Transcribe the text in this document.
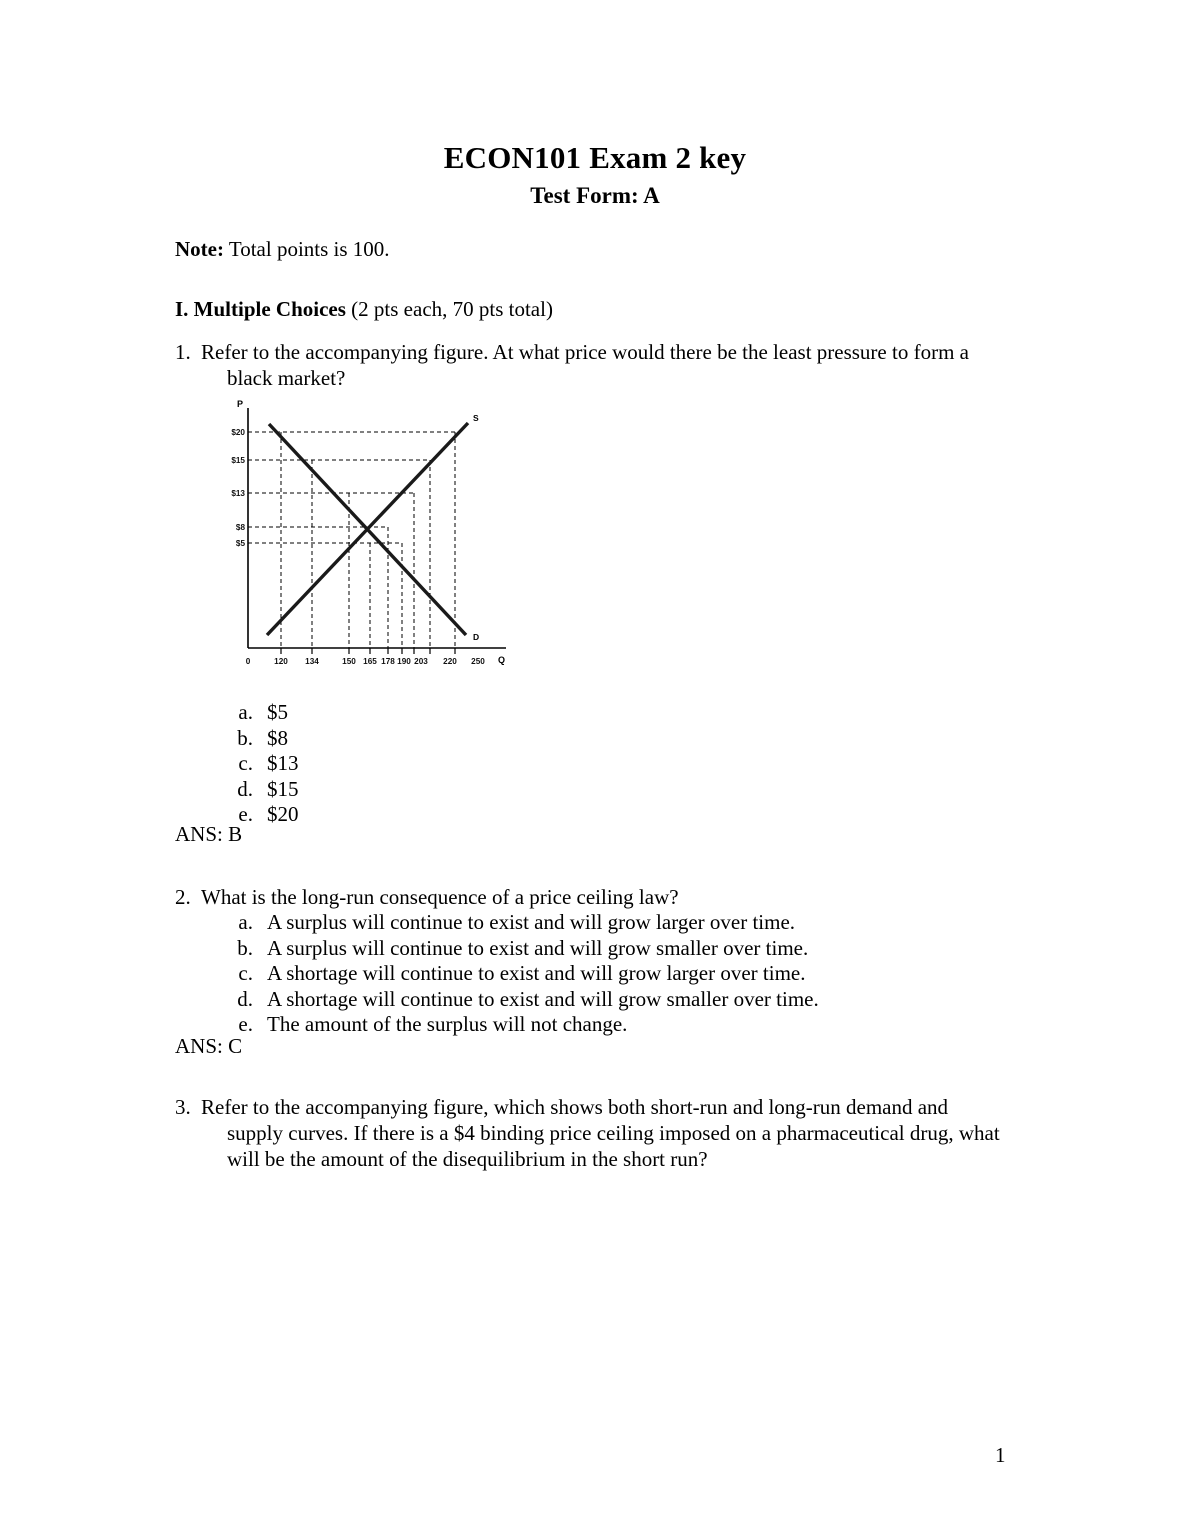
ECON101 Exam 2 key
Test Form: A
Note: Total points is 100.
I. Multiple Choices (2 pts each, 70 pts total)
1. Refer to the accompanying figure. At what price would there be the least pressure to form a
black market?
P
Q
S
D
$20
$15
$13
$8
$5
0	120 134	150 165 178 190 203 220 250
a. $5
b. $8
c. $13
d. $15
e. $20
ANS: B
2. What is the long-run consequence of a price ceiling law?
a. A surplus will continue to exist and will grow larger over time.
b. A surplus will continue to exist and will grow smaller over time.
c. A shortage will continue to exist and will grow larger over time.
d. A shortage will continue to exist and will grow smaller over time.
e. The amount of the surplus will not change.
ANS: C
3. Refer to the accompanying figure, which shows both short-run and long-run demand and
supply curves. If there is a $4 binding price ceiling imposed on a pharmaceutical drug, what
will be the amount of the disequilibrium in the short run?
1
